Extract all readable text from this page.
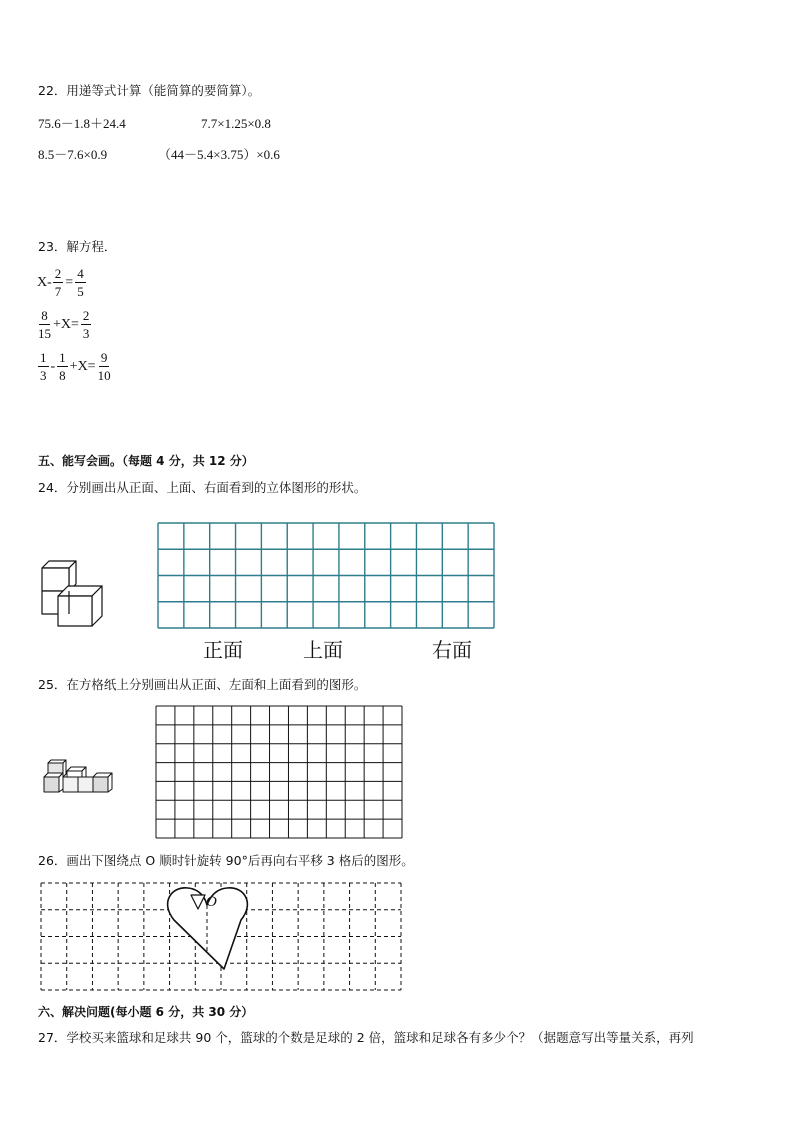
22．用递等式计算（能简算的要简算）。
75.6－1.8＋24.4	7.7×1.25×0.8
8.5－7.6×0.9	（44－5.4×3.75）×0.6
23．解方程．
$X- \frac{2}{7} = \frac{4}{5}$
$\frac{8}{15} +X= \frac{2}{3}$
$\frac{1}{3} - \frac{1}{8} +X= \frac{9}{10}$
五、能写会画。（每题 4 分，共 12 分）
24．分别画出从正面、上面、右面看到的立体图形的形状。
正面	上面	右面
25．在方格纸上分别画出从正面、左面和上面看到的图形。
26．画出下图绕点 O 顺时针旋转 90°后再向右平移 3 格后的图形。
O
六、解决问题(每小题 6 分，共 30 分）
27．学校买来篮球和足球共 90 个，篮球的个数是足球的 2 倍，篮球和足球各有多少个？（据题意写出等量关系，再列
